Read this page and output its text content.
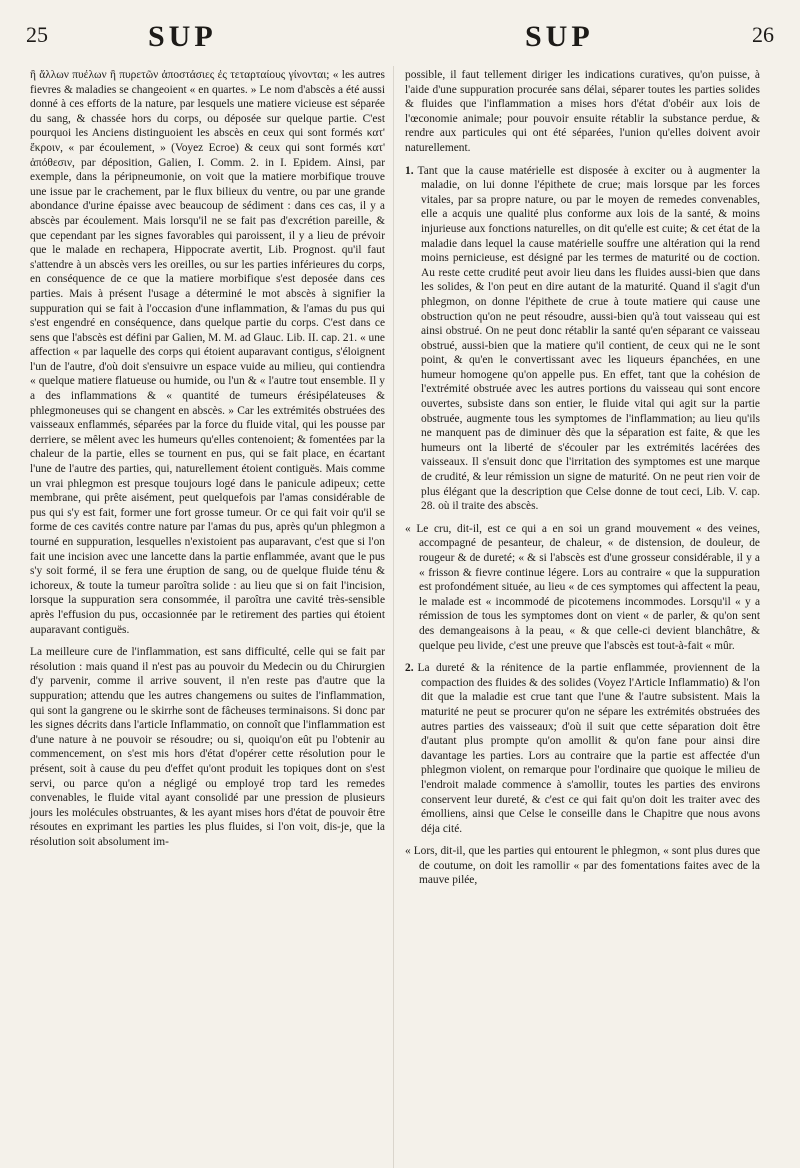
25	SUP	SUP	26

ἢ ἄλλων πυέλων ἢ πυρετῶν ἀποστάσιες ἐς τεταρταίους γίνονται; « les autres fievres & maladies se changeoient « en quartes. » Le nom d'abscès a été aussi donné à ces efforts de la nature, par lesquels une matiere vicieuse est séparée du sang, & chassée hors du corps, ou déposée sur quelque partie. C'est pourquoi les Anciens distinguoient les abscès en ceux qui sont formés κατ' ἔκροιν, « par écoulement, » (Voyez Ecroe) & ceux qui sont formés κατ' ἀπόθεσιν, par déposition, Galien, I. Comm. 2. in I. Epidem. Ainsi, par exemple, dans la péripneumonie, on voit que la matiere morbifique trouve une issue par le crachement, par le flux bilieux du ventre, ou par une grande abondance d'urine épaisse avec beaucoup de sédiment : dans ces cas, il y a abscès par écoulement. Mais lorsqu'il ne se fait pas d'excrétion pareille, & que cependant par les signes favorables qui paroissent, il y a lieu de prévoir que le malade en rechapera, Hippocrate avertit, Lib. Prognost. qu'il faut s'attendre à un abscès vers les oreilles, ou sur les parties inférieures du corps, en conséquence de ce que la matiere morbifique s'est deposée dans ces parties. Mais à présent l'usage a déterminé le mot abscès à signifier la suppuration qui se fait à l'occasion d'une inflammation, & l'amas du pus qui s'est engendré en conséquence, dans quelque partie du corps. C'est dans ce sens que l'abscès est défini par Galien, M. M. ad Glauc. Lib. II. cap. 21. « une affection « par laquelle des corps qui étoient auparavant contigus, s'éloignent l'un de l'autre, d'où doit s'ensuivre un espace vuide au milieu, qui contiendra « quelque matiere flatueuse ou humide, ou l'un & « l'autre tout ensemble. Il y a des inflammations & « quantité de tumeurs érésipélateuses & phlegmoneuses qui se changent en abscès. » Car les extrémités obstruées des vaisseaux enflammés, séparées par la force du fluide vital, qui les pousse par derriere, se mêlent avec les humeurs qu'elles contenoient; & fomentées par la chaleur de la partie, elles se tournent en pus, qui se fait place, en écartant l'une de l'autre des parties, qui, naturellement étoient contiguës. Mais comme un vrai phlegmon est presque toujours logé dans le panicule adipeux; cette membrane, qui prête aisément, peut quelquefois par l'amas considérable de pus qui s'y est fait, former une fort grosse tumeur. Or ce qui fait voir qu'il se forme de ces cavités contre nature par l'amas du pus, après qu'un phlegmon a tourné en suppuration, lesquelles n'existoient pas auparavant, c'est que si l'on fait une incision avec une lancette dans la partie enflammée, avant que le pus s'y soit formé, il se fera une éruption de sang, ou de quelque fluide ténu & ichoreux, & toute la tumeur paroîtra solide : au lieu que si on fait l'incision, lorsque la suppuration sera consommée, il paroîtra une cavité très-sensible après l'effusion du pus, occasionnée par le retirement des parties qui étoient auparavant contiguës.

La meilleure cure de l'inflammation, est sans difficulté, celle qui se fait par résolution : mais quand il n'est pas au pouvoir du Medecin ou du Chirurgien d'y parvenir, comme il arrive souvent, il n'en reste pas d'autre que la suppuration; attendu que les autres changemens ou suites de l'inflammation, qui sont la gangrene ou le skirrhe sont de fâcheuses terminaisons. Si donc par les signes décrits dans l'article Inflammatio, on connoît que l'inflammation est d'une nature à ne pouvoir se résoudre; ou si, quoiqu'on eût pu l'obtenir au commencement, on s'est mis hors d'état d'opérer cette résolution pour le présent, soit à cause du peu d'effet qu'ont produit les topiques dont on s'est servi, ou parce qu'on a négligé ou employé trop tard les remedes convenables, le fluide vital ayant consolidé par une pression de plusieurs jours les molécules obstruantes, & les ayant mises hors d'état de pouvoir être résoutes en exprimant les parties les plus fluides, si l'on voit, dis-je, que la résolution soit absolument im-

possible, il faut tellement diriger les indications curatives, qu'on puisse, à l'aide d'une suppuration procurée sans délai, séparer toutes les parties solides & fluides que l'inflammation a mises hors d'état d'obéir aux lois de l'œconomie animale; pour pouvoir ensuite rétablir la substance perdue, & rendre aux particules qui ont été séparées, l'union qu'elles doivent avoir naturellement.

1. Tant que la cause matérielle est disposée à exciter ou à augmenter la maladie, on lui donne l'épithete de crue; mais lorsque par les forces vitales, par sa propre nature, ou par le moyen de remedes convenables, elle a acquis une qualité plus conforme aux lois de la santé, & moins injurieuse aux fonctions naturelles, on dit qu'elle est cuite; & cet état de la maladie dans lequel la cause matérielle souffre une altération qui la rend moins pernicieuse, est désigné par les termes de maturité ou de coction. Au reste cette crudité peut avoir lieu dans les fluides aussi-bien que dans les solides, & l'on peut en dire autant de la maturité. Quand il s'agit d'un phlegmon, on donne l'épithete de crue à toute matiere qui cause une obstruction qu'on ne peut résoudre, aussi-bien qu'à tout vaisseau qui est ainsi obstrué. On ne peut donc rétablir la santé qu'en séparant ce vaisseau obstrué, aussi-bien que la matiere qu'il contient, de ceux qui ne le sont point, & qu'en le convertissant avec les liqueurs épanchées, en une humeur homogene qu'on appelle pus. En effet, tant que la cohésion de l'extrémité obstruée avec les autres portions du vaisseau qui sont encore ouvertes, subsiste dans son entier, le fluide vital qui agit sur la partie obstruée, augmente tous les symptomes de l'inflammation; au lieu qu'ils ne manquent pas de diminuer dès que la séparation est faite, & que les humeurs ont la liberté de s'écouler par les extrémités lacérées des vaisseaux. Il s'ensuit donc que l'irritation des symptomes est une marque de crudité, & leur rémission un signe de maturité. On ne peut rien voir de plus élégant que la description que Celse donne de tout ceci, Lib. V. cap. 28. où il traite des abscès.

« Le cru, dit-il, est ce qui a en soi un grand mouvement « des veines, accompagné de pesanteur, de chaleur, « de distension, de douleur, de rougeur & de dureté; « & si l'abscès est d'une grosseur considérable, il y a « frisson & fievre continue légere. Lors au contraire « que la suppuration est profondément située, au lieu « de ces symptomes qui affectent la peau, le malade est « incommodé de picotemens incommodes. Lorsqu'il « y a rémission de tous les symptomes dont on vient « de parler, & qu'on sent des demangeaisons à la peau, « & que celle-ci devient blanchâtre, & quelque peu livide, c'est une preuve que l'abscès est tout-à-fait « mûr.

2. La dureté & la rénitence de la partie enflammée, proviennent de la compaction des fluides & des solides (Voyez l'Article Inflammatio) & l'on dit que la maladie est crue tant que l'une & l'autre subsistent. Mais la maturité ne peut se procurer qu'on ne sépare les extrémités obstruées des autres parties des vaisseaux; d'où il suit que cette séparation doit être d'autant plus prompte qu'on amollit & qu'on fane pour ainsi dire davantage les parties. Lors au contraire que la partie est affectée d'un phlegmon violent, on remarque pour l'ordinaire que quoique le milieu de l'endroit malade commence à s'amollir, toutes les parties des environs conservent leur dureté, & c'est ce qui fait qu'on doit les traiter avec des émolliens, ainsi que Celse le conseille dans le Chapitre que nous avons déja cité.

« Lors, dit-il, que les parties qui entourent le phlegmon, « sont plus dures que de coutume, on doit les ramollir « par des fomentations faites avec de la mauve pilée,
